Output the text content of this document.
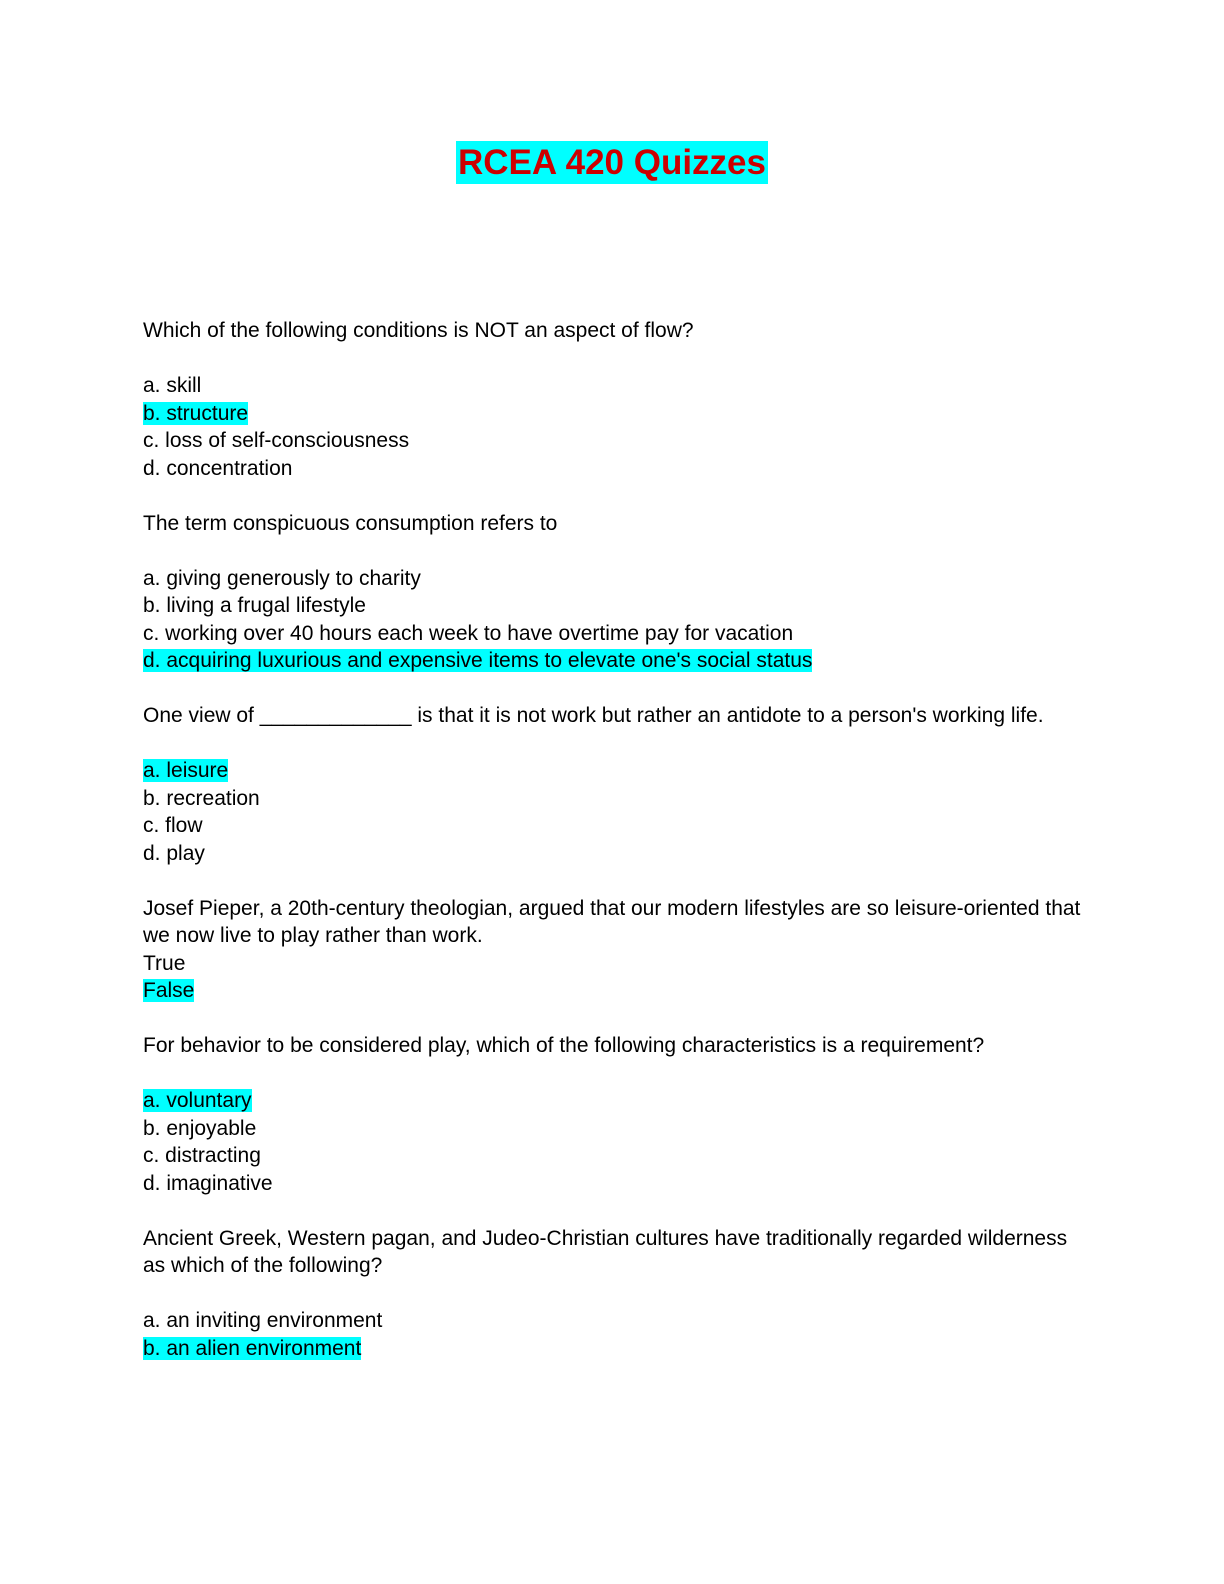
RCEA 420 Quizzes

Which of the following conditions is NOT an aspect of flow?

a. skill
b. structure
c. loss of self-consciousness
d. concentration

The term conspicuous consumption refers to

a. giving generously to charity
b. living a frugal lifestyle
c. working over 40 hours each week to have overtime pay for vacation
d. acquiring luxurious and expensive items to elevate one's social status

One view of _____________ is that it is not work but rather an antidote to a person's working life.

a. leisure
b. recreation
c. flow
d. play

Josef Pieper, a 20th-century theologian, argued that our modern lifestyles are so leisure-oriented that we now live to play rather than work.

True
False

For behavior to be considered play, which of the following characteristics is a requirement?

a. voluntary
b. enjoyable
c. distracting
d. imaginative

Ancient Greek, Western pagan, and Judeo-Christian cultures have traditionally regarded wilderness as which of the following?

a. an inviting environment
b. an alien environment
